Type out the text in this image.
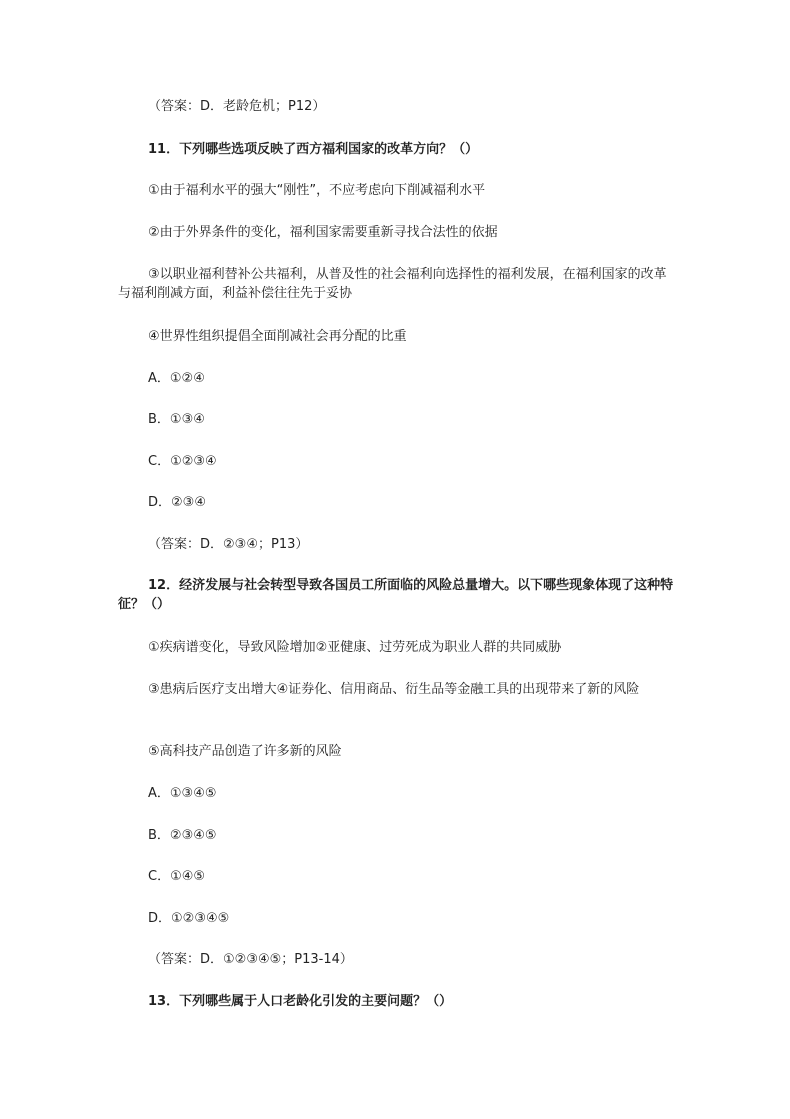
（答案：D．老龄危机；P12）
11．下列哪些选项反映了西方福利国家的改革方向？（）
①由于福利水平的强大“刚性”，不应考虑向下削减福利水平
②由于外界条件的变化，福利国家需要重新寻找合法性的依据
③以职业福利替补公共福利，从普及性的社会福利向选择性的福利发展，在福利国家的改革与福利削减方面，利益补偿往往先于妥协
④世界性组织提倡全面削减社会再分配的比重
A．①②④
B．①③④
C．①②③④
D．②③④
（答案：D．②③④；P13）
12．经济发展与社会转型导致各国员工所面临的风险总量增大。以下哪些现象体现了这种特征？（）
①疾病谱变化，导致风险增加②亚健康、过劳死成为职业人群的共同威胁
③患病后医疗支出增大④证券化、信用商品、衍生品等金融工具的出现带来了新的风险
⑤高科技产品创造了许多新的风险
A．①③④⑤
B．②③④⑤
C．①④⑤
D．①②③④⑤
（答案：D．①②③④⑤；P13-14）
13．下列哪些属于人口老龄化引发的主要问题？（）
